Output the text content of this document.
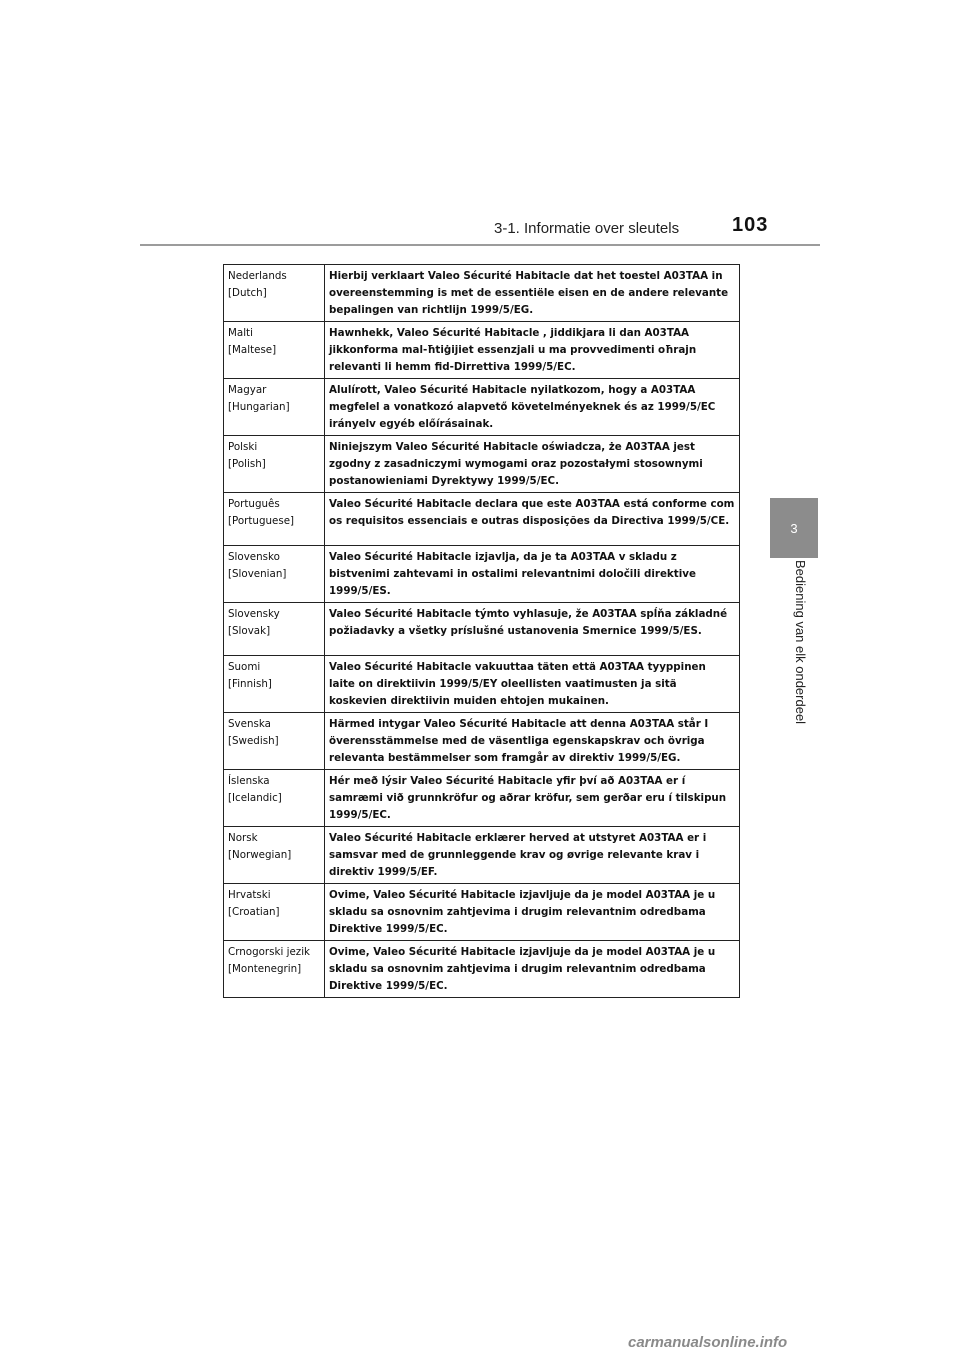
3-1. Informatie over sleutels	103
3
Bediening van elk onderdeel
Nederlands
[Dutch]	Hierbij verklaart Valeo Sécurité Habitacle dat het toestel A03TAA in overeenstemming is met de essentiële eisen en de andere relevante bepalingen van richtlijn 1999/5/EG.
Malti
[Maltese]	Hawnhekk, Valeo Sécurité Habitacle , jiddikjara li dan A03TAA jikkonforma mal-ħtiġijiet essenzjali u ma provvedimenti oħrajn relevanti li hemm fid-Dirrettiva 1999/5/EC.
Magyar
[Hungarian]	Alulírott, Valeo Sécurité Habitacle nyilatkozom, hogy a A03TAA megfelel a vonatkozó alapvető követelményeknek és az 1999/5/EC irányelv egyéb előírásainak.
Polski
[Polish]	Niniejszym Valeo Sécurité Habitacle oświadcza, że A03TAA jest zgodny z zasadniczymi wymogami oraz pozostałymi stosownymi postanowieniami Dyrektywy 1999/5/EC.
Português
[Portuguese]	Valeo Sécurité Habitacle declara que este A03TAA está conforme com os requisitos essenciais e outras disposições da Directiva 1999/5/CE.
Slovensko
[Slovenian]	Valeo Sécurité Habitacle izjavlja, da je ta A03TAA v skladu z bistvenimi zahtevami in ostalimi relevantnimi določili direktive 1999/5/ES.
Slovensky
[Slovak]	Valeo Sécurité Habitacle týmto vyhlasuje, že A03TAA spĺňa základné požiadavky a všetky príslušné ustanovenia Smernice 1999/5/ES.
Suomi
[Finnish]	Valeo Sécurité Habitacle vakuuttaa täten että A03TAA tyyppinen laite on direktiivin 1999/5/EY oleellisten vaatimusten ja sitä koskevien direktiivin muiden ehtojen mukainen.
Svenska
[Swedish]	Härmed intygar Valeo Sécurité Habitacle att denna A03TAA står I överensstämmelse med de väsentliga egenskapskrav och övriga relevanta bestämmelser som framgår av direktiv 1999/5/EG.
Íslenska
[Icelandic]	Hér með lýsir Valeo Sécurité Habitacle yfir því að A03TAA er í samræmi við grunnkröfur og aðrar kröfur, sem gerðar eru í tilskipun 1999/5/EC.
Norsk
[Norwegian]	Valeo Sécurité Habitacle erklærer herved at utstyret A03TAA er i samsvar med de grunnleggende krav og øvrige relevante krav i direktiv 1999/5/EF.
Hrvatski
[Croatian]	Ovime, Valeo Sécurité Habitacle izjavljuje da je model A03TAA je u skladu sa osnovnim zahtjevima i drugim relevantnim odredbama Direktive 1999/5/EC.
Crnogorski jezik
[Montenegrin]	Ovime, Valeo Sécurité Habitacle izjavljuje da je model A03TAA je u skladu sa osnovnim zahtjevima i drugim relevantnim odredbama Direktive 1999/5/EC.
carmanualsonline.info
